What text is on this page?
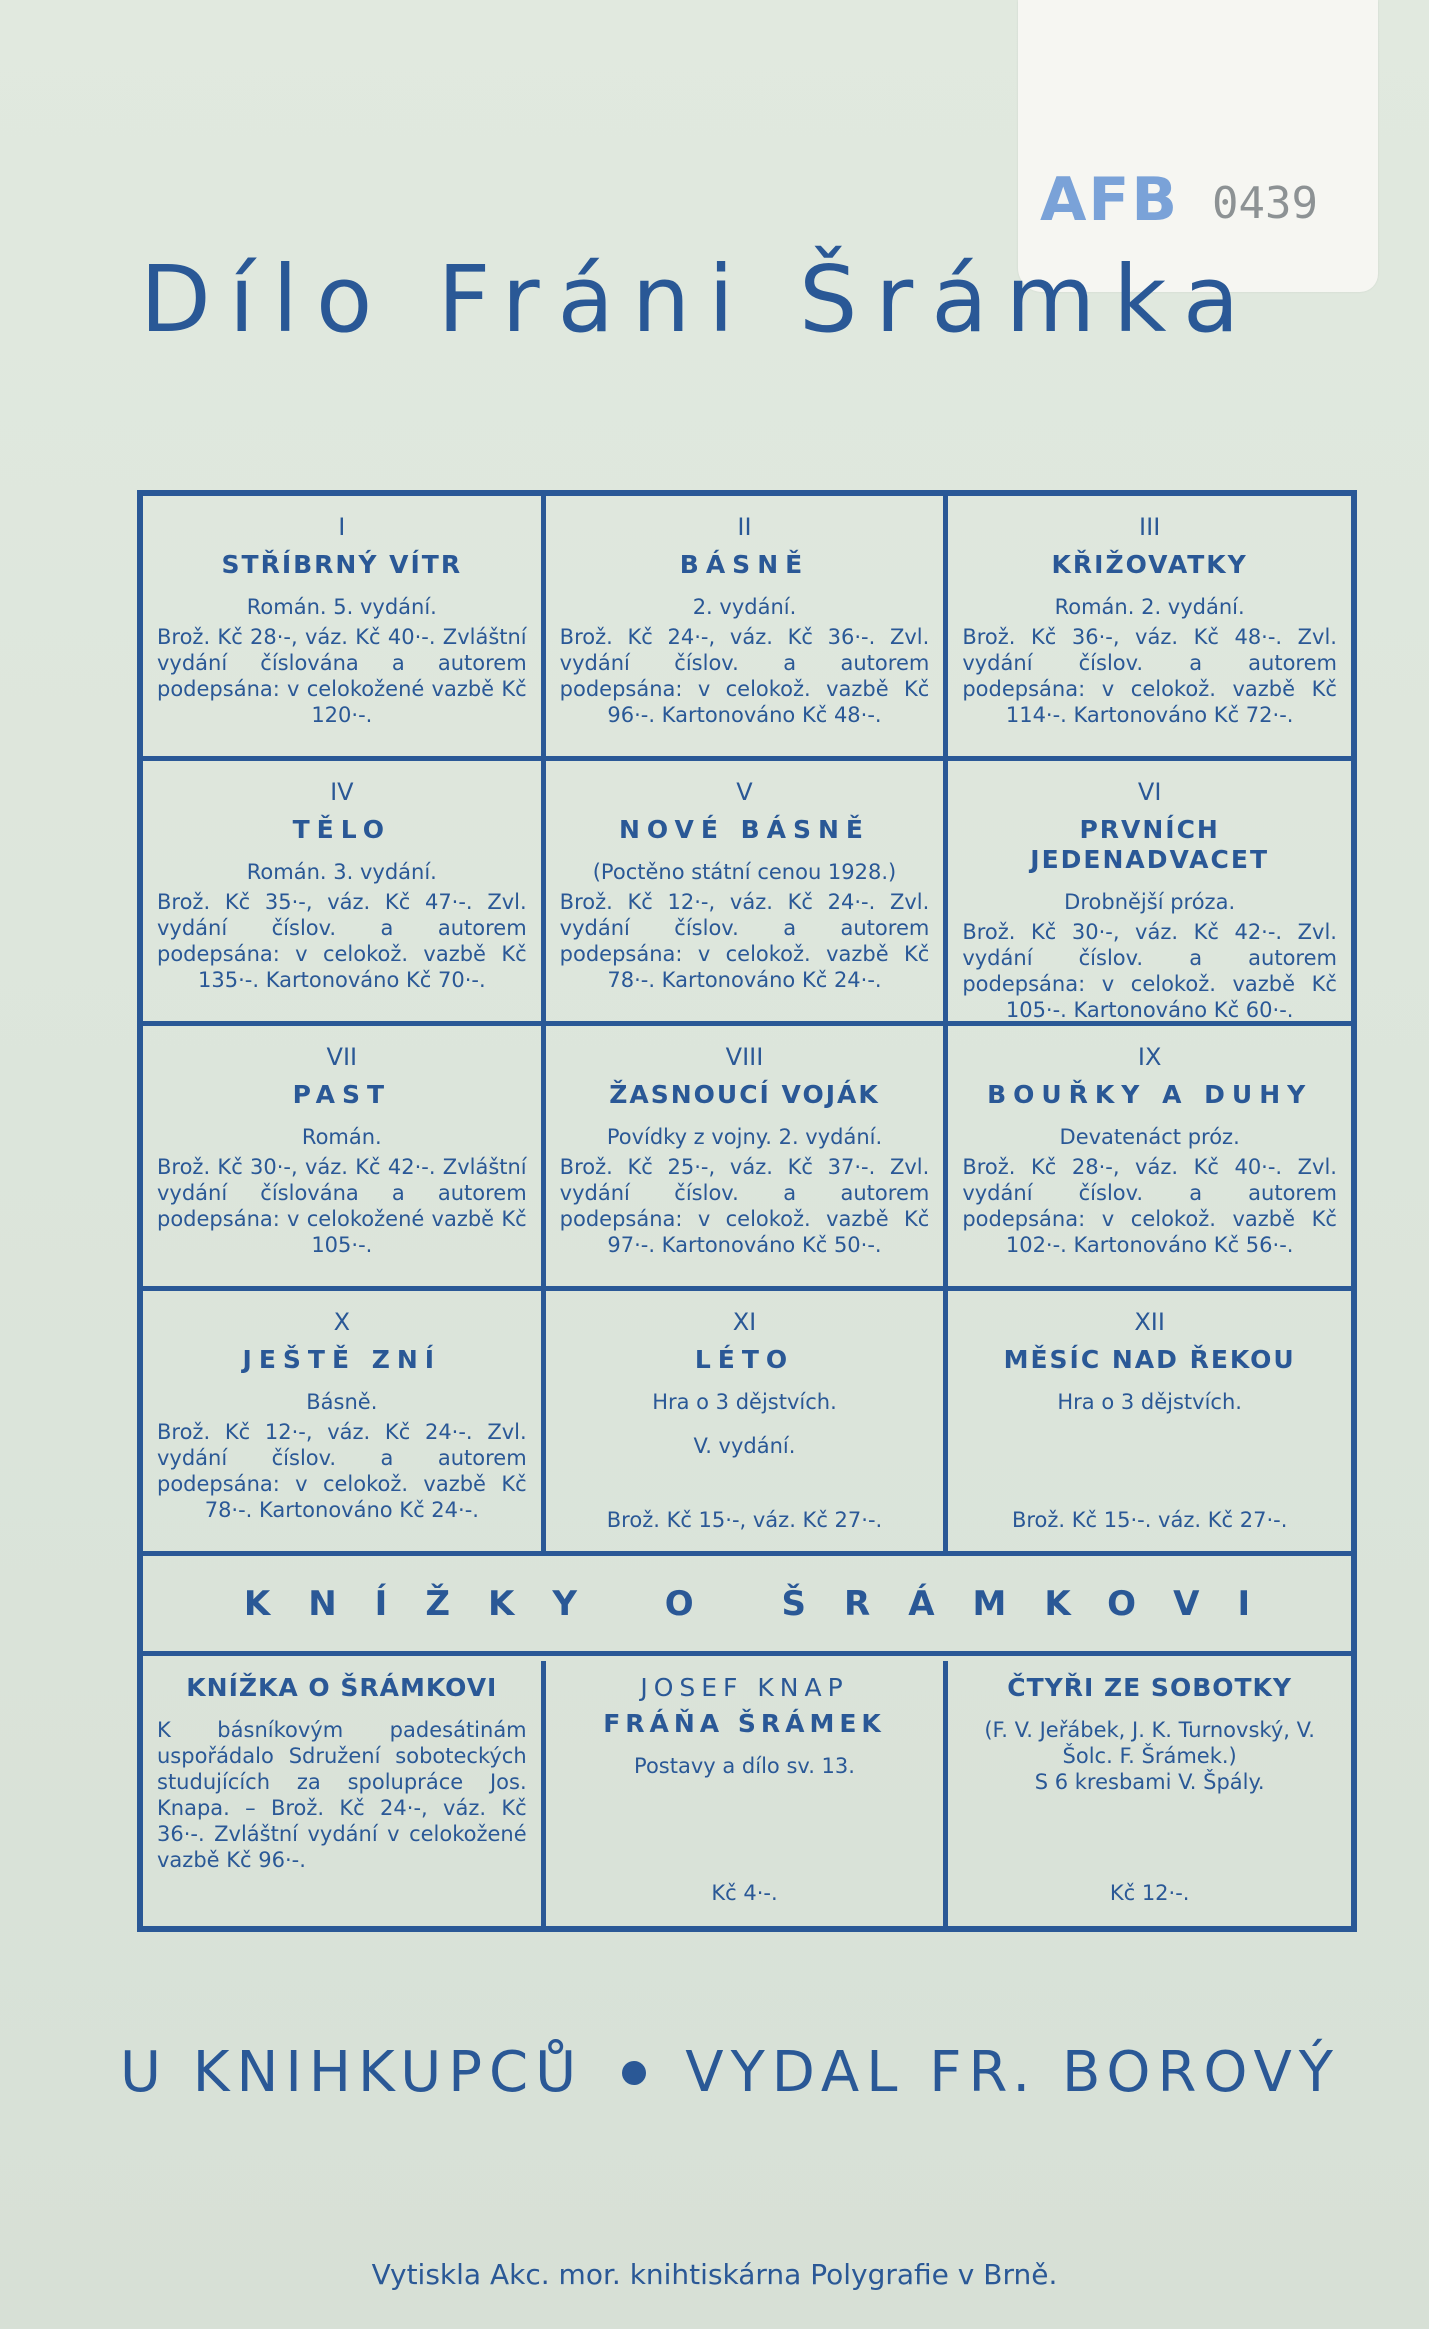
AFB 0439
Dílo Fráni Šrámka
I
STŘÍBRNÝ VÍTR
Román. 5. vydání.
Brož. Kč 28·-, váz. Kč 40·-. Zvláštní vydání číslována a autorem podepsána: v celokožené vazbě Kč 120·-.
II
BÁSNĚ
2. vydání.
Brož. Kč 24·-, váz. Kč 36·-. Zvl. vydání číslov. a autorem podepsána: v celokož. vazbě Kč 96·-. Kartonováno Kč 48·-.
III
KŘIŽOVATKY
Román. 2. vydání.
Brož. Kč 36·-, váz. Kč 48·-. Zvl. vydání číslov. a autorem podepsána: v celokož. vazbě Kč 114·-. Kartonováno Kč 72·-.
IV
TĚLO
Román. 3. vydání.
Brož. Kč 35·-, váz. Kč 47·-. Zvl. vydání číslov. a autorem podepsána: v celokož. vazbě Kč 135·-. Kartonováno Kč 70·-.
V
NOVÉ BÁSNĚ
(Poctěno státní cenou 1928.)
Brož. Kč 12·-, váz. Kč 24·-. Zvl. vydání číslov. a autorem podepsána: v celokož. vazbě Kč 78·-. Kartonováno Kč 24·-.
VI
PRVNÍCH JEDENADVACET
Drobnější próza.
Brož. Kč 30·-, váz. Kč 42·-. Zvl. vydání číslov. a autorem podepsána: v celokož. vazbě Kč 105·-. Kartonováno Kč 60·-.
VII
PAST
Román.
Brož. Kč 30·-, váz. Kč 42·-. Zvláštní vydání číslována a autorem podepsána: v celokožené vazbě Kč 105·-.
VIII
ŽASNOUCÍ VOJÁK
Povídky z vojny. 2. vydání.
Brož. Kč 25·-, váz. Kč 37·-. Zvl. vydání číslov. a autorem podepsána: v celokož. vazbě Kč 97·-. Kartonováno Kč 50·-.
IX
BOUŘKY A DUHY
Devatenáct próz.
Brož. Kč 28·-, váz. Kč 40·-. Zvl. vydání číslov. a autorem podepsána: v celokož. vazbě Kč 102·-. Kartonováno Kč 56·-.
X
JEŠTĚ ZNÍ
Básně.
Brož. Kč 12·-, váz. Kč 24·-. Zvl. vydání číslov. a autorem podepsána: v celokož. vazbě Kč 78·-. Kartonováno Kč 24·-.
XI
LÉTO
Hra o 3 dějstvích.
V. vydání.
Brož. Kč 15·-, váz. Kč 27·-.
XII
MĚSÍC NAD ŘEKOU
Hra o 3 dějstvích.
Brož. Kč 15·-. váz. Kč 27·-.
KNÍŽKY O ŠRÁMKOVI
KNÍŽKA O ŠRÁMKOVI
K básníkovým padesátinám uspořádalo Sdružení soboteckých studujících za spolupráce Jos. Knapa. – Brož. Kč 24·-, váz. Kč 36·-. Zvláštní vydání v celokožené vazbě Kč 96·-.
JOSEF KNAP
FRÁŇA ŠRÁMEK
Postavy a dílo sv. 13.
Kč 4·-.
ČTYŘI ZE SOBOTKY
(F. V. Jeřábek, J. K. Turnovský, V. Šolc. F. Šrámek.)
S 6 kresbami V. Špály.
Kč 12·-.
U KNIHKUPCŮ VYDAL FR. BOROVÝ
Vytiskla Akc. mor. knihtiskárna Polygrafie v Brně.
